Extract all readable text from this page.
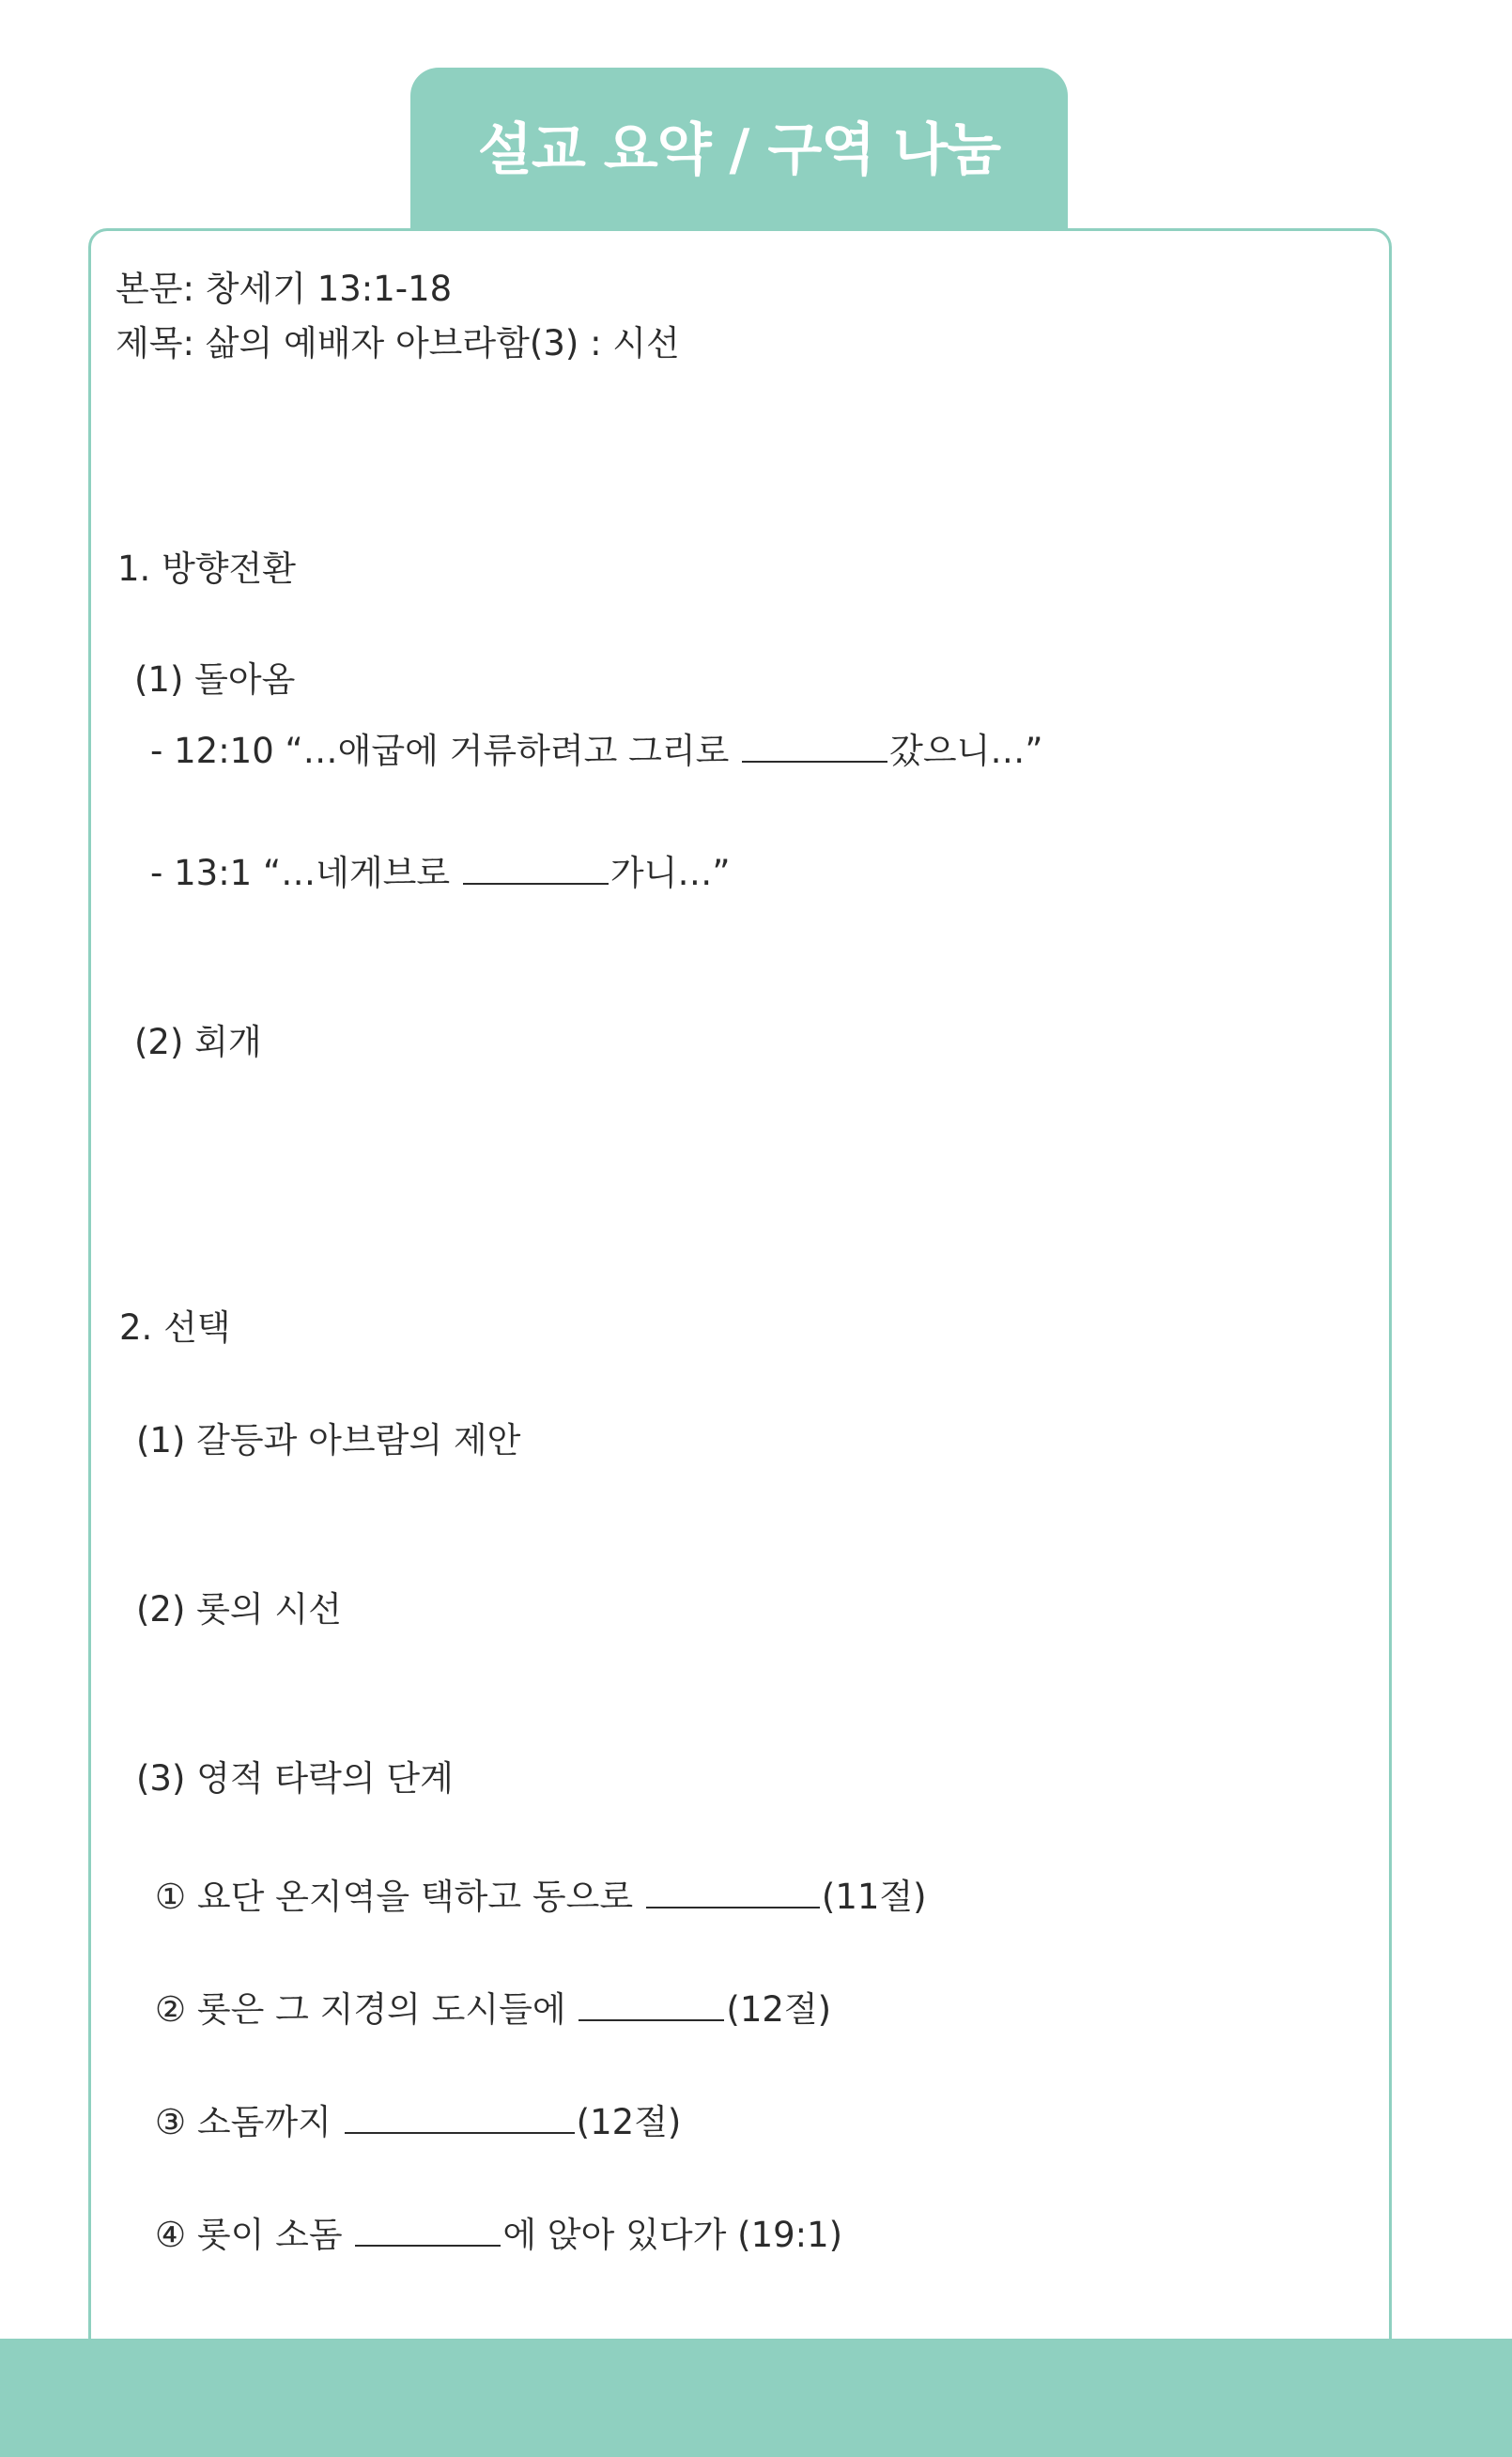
설교 요약 / 구역 나눔
본문: 창세기 13:1-18
제목: 삶의 예배자 아브라함(3) : 시선
1. 방향전환
(1) 돌아옴
- 12:10 “…애굽에 거류하려고 그리로	갔으니…”
- 13:1 “…네게브로	가니…”
(2) 회개
2. 선택
(1) 갈등과 아브람의 제안
(2) 롯의 시선
(3) 영적 타락의 단계
① 요단 온지역을 택하고 동으로	(11절)
② 롯은 그 지경의 도시들에	(12절)
③ 소돔까지	(12절)
④ 롯이 소돔	에 앉아 있다가 (19:1)
